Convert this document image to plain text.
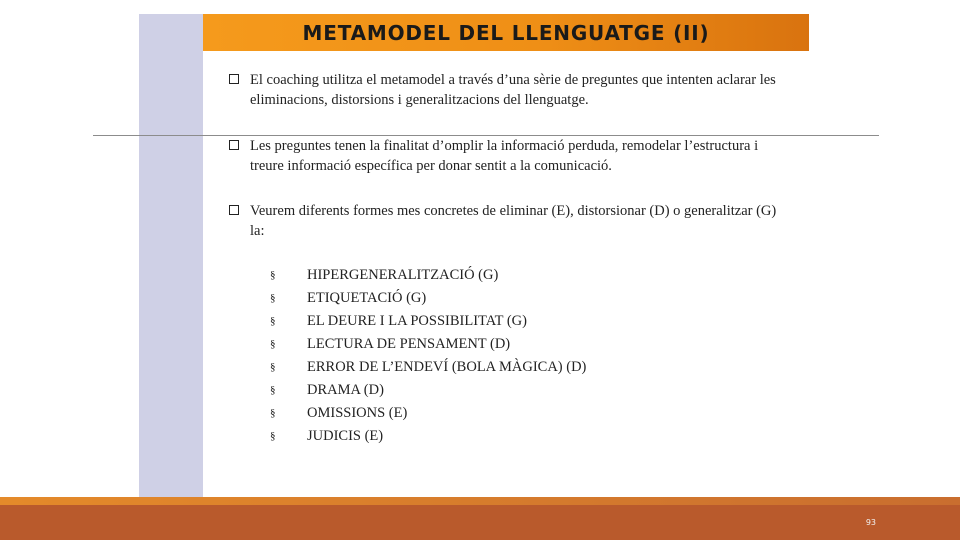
METAMODEL DEL LLENGUATGE (II)
El coaching utilitza el metamodel a través d’una sèrie de preguntes que intenten aclarar les eliminacions, distorsions i generalitzacions del llenguatge.
Les preguntes tenen la finalitat d’omplir la informació perduda, remodelar l’estructura i treure informació específica per donar sentit a la comunicació.
Veurem diferents formes mes concretes de eliminar (E), distorsionar (D) o generalitzar (G) la:
§	HIPERGENERALITZACIÓ (G)
§	ETIQUETACIÓ (G)
§	EL DEURE I LA POSSIBILITAT (G)
§	LECTURA DE PENSAMENT (D)
§	ERROR DE L’ENDEVÍ (BOLA MÀGICA) (D)
§	DRAMA (D)
§	OMISSIONS (E)
§	JUDICIS (E)
93
